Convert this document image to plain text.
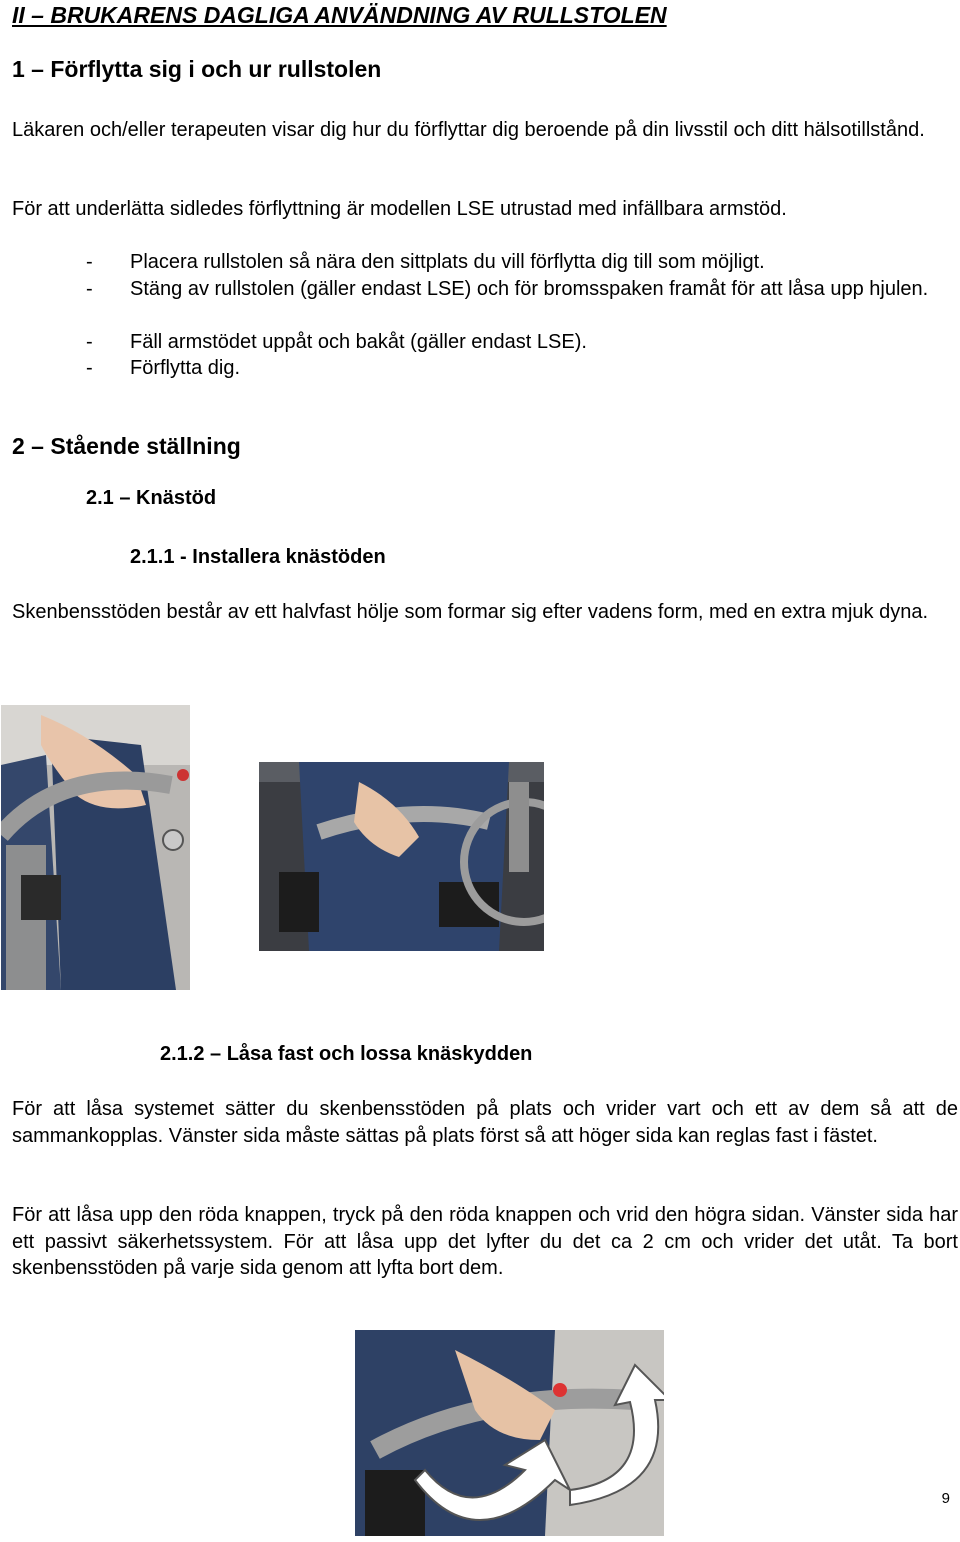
II – BRUKARENS DAGLIGA ANVÄNDNING AV RULLSTOLEN
1 – Förflytta sig i och ur rullstolen

Läkaren och/eller terapeuten visar dig hur du förflyttar dig beroende på din livsstil och ditt hälsotillstånd.

För att underlätta sidledes förflyttning är modellen LSE utrustad med infällbara armstöd.

- Placera rullstolen så nära den sittplats du vill förflytta dig till som möjligt.
- Stäng av rullstolen (gäller endast LSE) och för bromsspaken framåt för att låsa upp hjulen.
- Fäll armstödet uppåt och bakåt (gäller endast LSE).
- Förflytta dig.
2 – Stående ställning
2.1 – Knästöd
2.1.1 - Installera knästöden

Skenbensstöden består av ett halvfast hölje som formar sig efter vadens form, med en extra mjuk dyna.

2.1.2 – Låsa fast och lossa knäskydden

För att låsa systemet sätter du skenbensstöden på plats och vrider vart och ett av dem så att de sammankopplas. Vänster sida måste sättas på plats först så att höger sida kan reglas fast i fästet.

För att låsa upp den röda knappen, tryck på den röda knappen och vrid den högra sidan. Vänster sida har ett passivt säkerhetssystem. För att låsa upp det lyfter du det ca 2 cm och vrider det utåt. Ta bort skenbensstöden på varje sida genom att lyfta bort dem.

9
